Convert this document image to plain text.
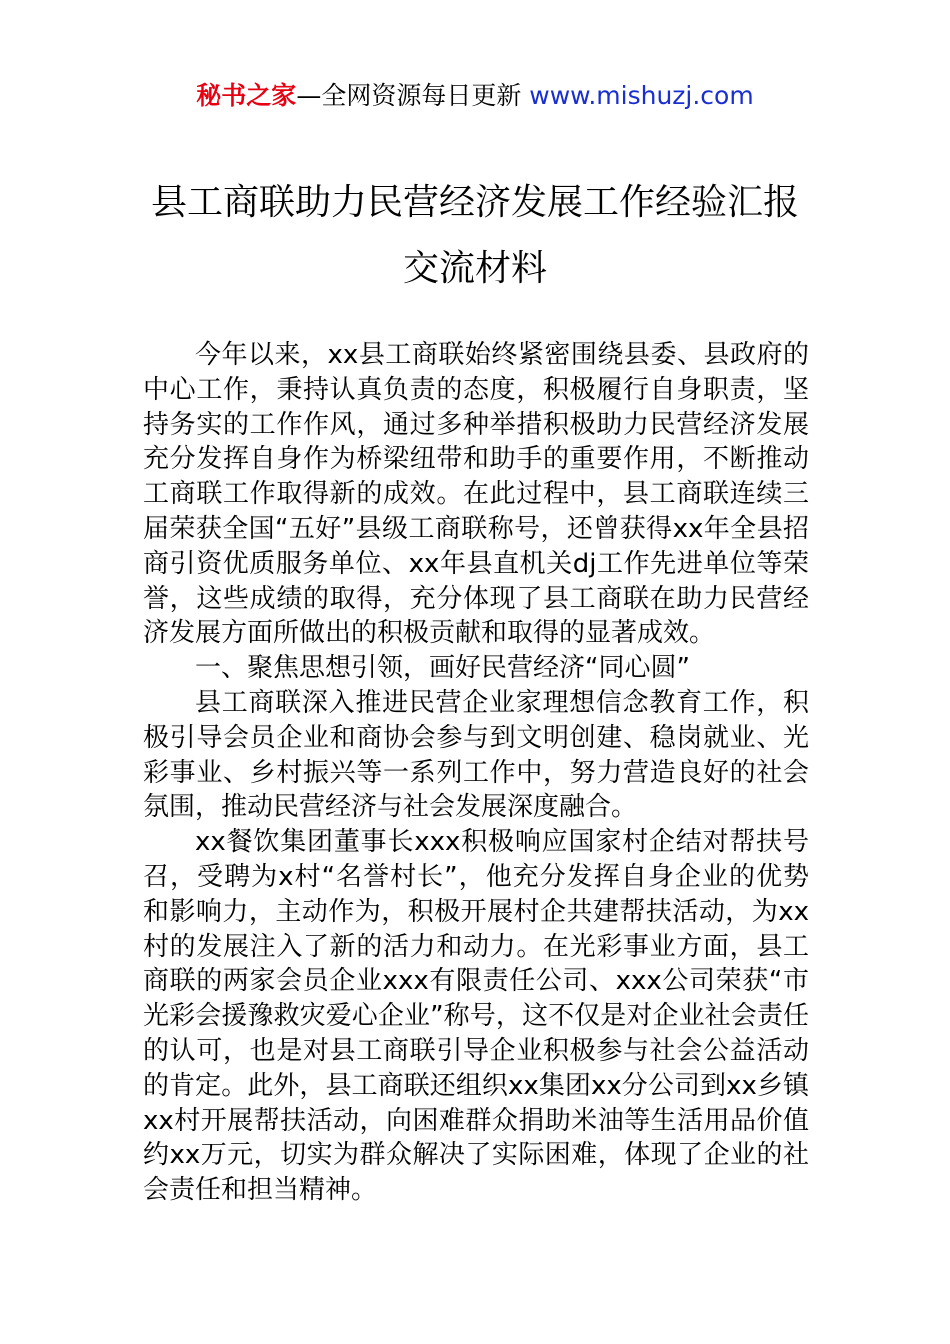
秘书之家—全网资源每日更新 www.mishuzj.com
县工商联助力民营经济发展工作经验汇报
交流材料

今年以来，xx县工商联始终紧密围绕县委、县政府的中心工作，秉持认真负责的态度，积极履行自身职责，坚持务实的工作作风，通过多种举措积极助力民营经济发展充分发挥自身作为桥梁纽带和助手的重要作用，不断推动工商联工作取得新的成效。在此过程中，县工商联连续三届荣获全国“五好”县级工商联称号，还曾获得xx年全县招商引资优质服务单位、xx年县直机关dj工作先进单位等荣誉，这些成绩的取得，充分体现了县工商联在助力民营经济发展方面所做出的积极贡献和取得的显著成效。

一、聚焦思想引领，画好民营经济“同心圆”

县工商联深入推进民营企业家理想信念教育工作，积极引导会员企业和商协会参与到文明创建、稳岗就业、光彩事业、乡村振兴等一系列工作中，努力营造良好的社会氛围，推动民营经济与社会发展深度融合。

xx餐饮集团董事长xxx积极响应国家村企结对帮扶号召，受聘为x村“名誉村长”，他充分发挥自身企业的优势和影响力，主动作为，积极开展村企共建帮扶活动，为xx村的发展注入了新的活力和动力。在光彩事业方面，县工商联的两家会员企业xxx有限责任公司、xxx公司荣获“市光彩会援豫救灾爱心企业”称号，这不仅是对企业社会责任的认可，也是对县工商联引导企业积极参与社会公益活动的肯定。此外，县工商联还组织xx集团xx分公司到xx乡镇xx村开展帮扶活动，向困难群众捐助米油等生活用品价值约xx万元，切实为群众解决了实际困难，体现了企业的社会责任和担当精神。
